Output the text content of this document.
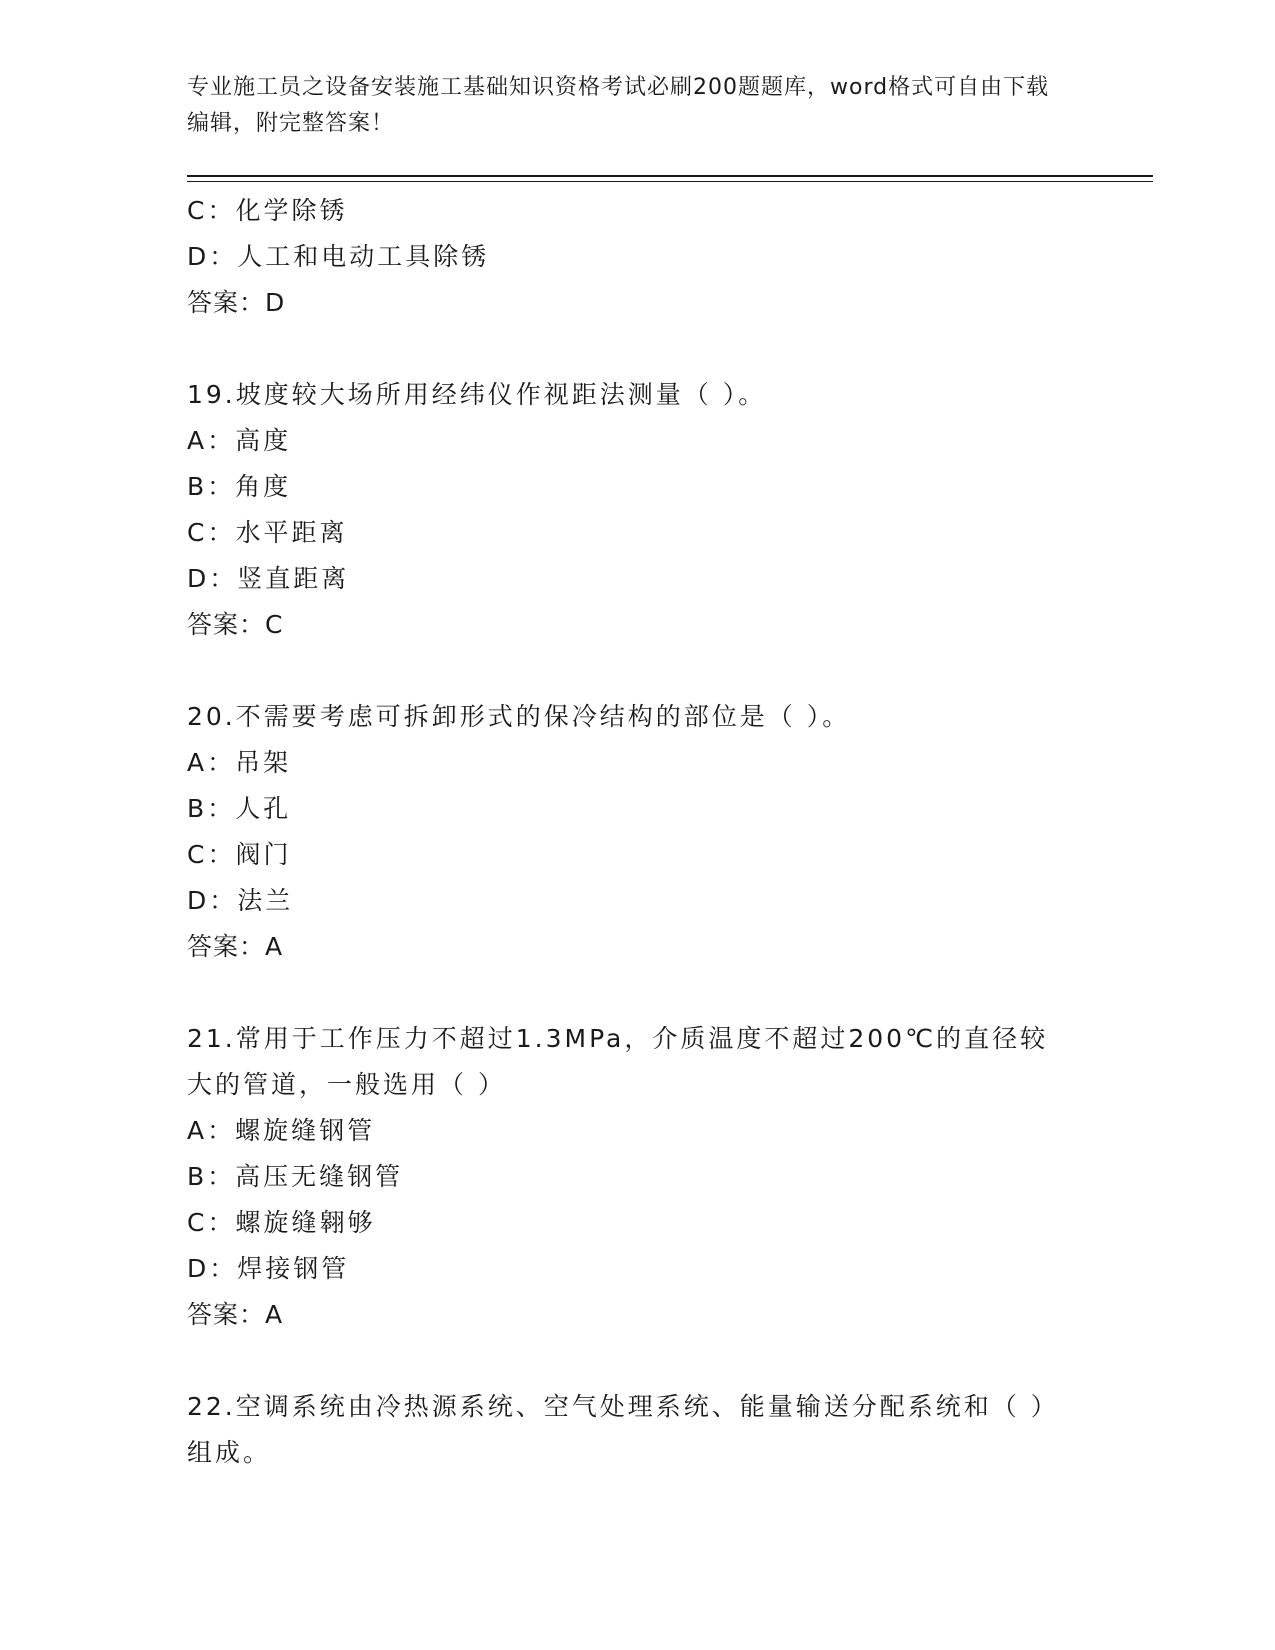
专业施工员之设备安装施工基础知识资格考试必刷200题题库，word格式可自由下载编辑，附完整答案！
C：化学除锈
D：人工和电动工具除锈
答案：D
19.坡度较大场所用经纬仪作视距法测量（ ）。
A：高度
B：角度
C：水平距离
D：竖直距离
答案：C
20.不需要考虑可拆卸形式的保冷结构的部位是（ ）。
A：吊架
B：人孔
C：阀门
D：法兰
答案：A
21.常用于工作压力不超过1.3MPa，介质温度不超过200℃的直径较大的管道，一般选用（ ）
A：螺旋缝钢管
B：高压无缝钢管
C：螺旋缝翱够
D：焊接钢管
答案：A
22.空调系统由冷热源系统、空气处理系统、能量输送分配系统和（ ）组成。
